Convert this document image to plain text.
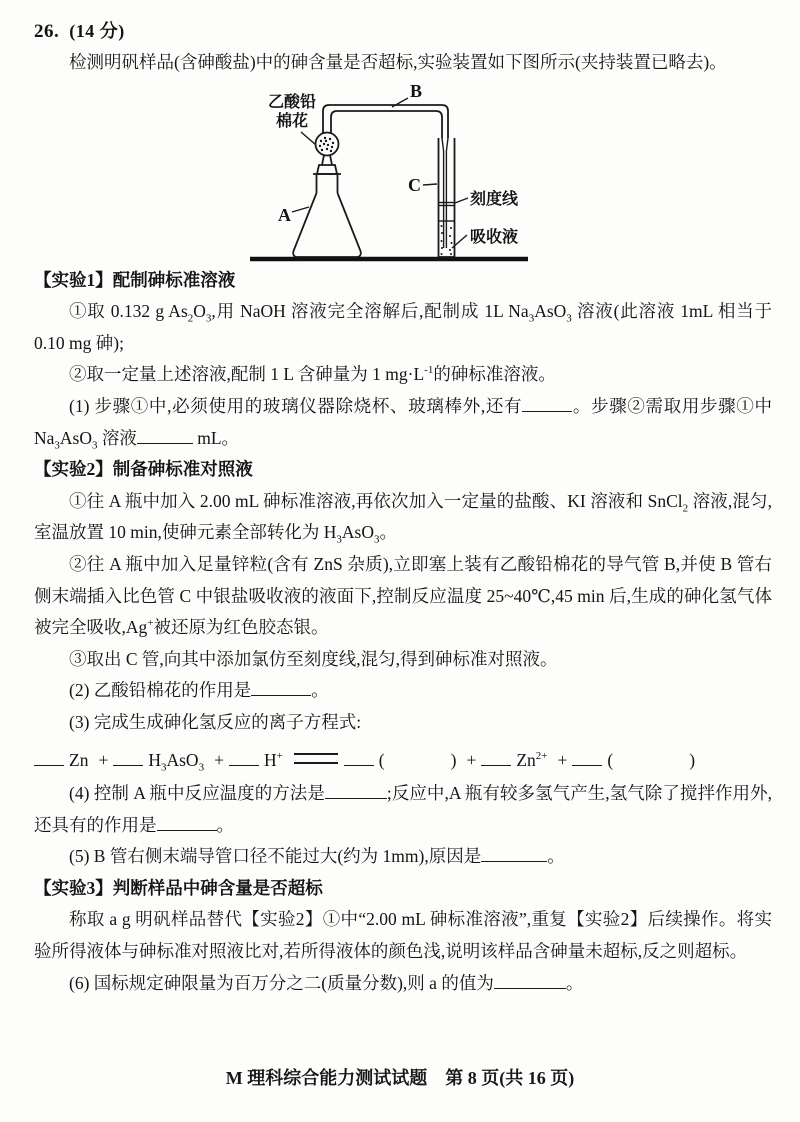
26. (14 分)

检测明矾样品(含砷酸盐)中的砷含量是否超标,实验装置如下图所示(夹持装置已略去)。

乙酸铅
棉花
A
B
C
刻度线
吸收液

【实验1】配制砷标准溶液

①取 0.132 g $As_2O_3$,用 NaOH 溶液完全溶解后,配制成 1L $Na_3AsO_3$ 溶液(此溶液 1mL 相当于 0.10 mg 砷);

②取一定量上述溶液,配制 1 L 含砷量为 1 $mg\cdot L^{-1}$的砷标准溶液。

(1) 步骤①中,必须使用的玻璃仪器除烧杯、玻璃棒外,还有	。步骤②需取用步骤①中 $Na_3AsO_3$ 溶液	mL。

【实验2】制备砷标准对照液

①往 A 瓶中加入 2.00 mL 砷标准溶液,再依次加入一定量的盐酸、KI 溶液和 SnCl$_2$ 溶液,混匀,室温放置 10 min,使砷元素全部转化为 $H_3AsO_3$。

②往 A 瓶中加入足量锌粒(含有 ZnS 杂质),立即塞上装有乙酸铅棉花的导气管 B,并使 B 管右侧末端插入比色管 C 中银盐吸收液的液面下,控制反应温度 25~40℃,45 min 后,生成的砷化氢气体被完全吸收,Ag+被还原为红色胶态银。

③取出 C 管,向其中添加氯仿至刻度线,混匀,得到砷标准对照液。

(2) 乙酸铅棉花的作用是	。

(3) 完成生成砷化氢反应的离子方程式:

$Zn + H_3AsO_3 + H^+$	(	) + $Zn^{2+}$ + (	)

(4) 控制 A 瓶中反应温度的方法是	;反应中,A 瓶有较多氢气产生,氢气除了搅拌作用外,还具有的作用是	。

(5) B 管右侧末端导管口径不能过大(约为 1mm),原因是	。

【实验3】判断样品中砷含量是否超标

称取 a g 明矾样品替代【实验2】①中“2.00 mL 砷标准溶液”,重复【实验2】后续操作。将实验所得液体与砷标准对照液比对,若所得液体的颜色浅,说明该样品含砷量未超标,反之则超标。

(6) 国标规定砷限量为百万分之二(质量分数),则 a 的值为	。

M 理科综合能力测试试题　第 8 页(共 16 页)
